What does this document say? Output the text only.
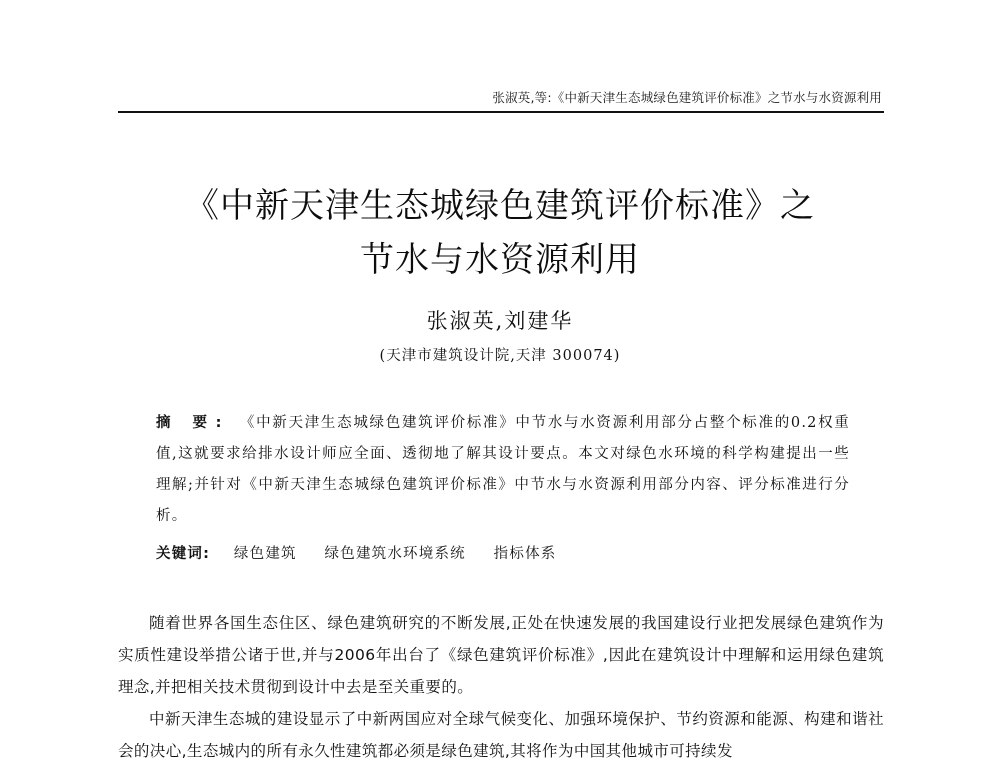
张淑英,等:《中新天津生态城绿色建筑评价标准》之节水与水资源利用
《中新天津生态城绿色建筑评价标准》之
节水与水资源利用
张淑英,刘建华
(天津市建筑设计院,天津 300074)
摘 要: 《中新天津生态城绿色建筑评价标准》中节水与水资源利用部分占整个标准的0.2权重值,这就要求给排水设计师应全面、透彻地了解其设计要点。本文对绿色水环境的科学构建提出一些理解;并针对《中新天津生态城绿色建筑评价标准》中节水与水资源利用部分内容、评分标准进行分析。
关键词: 绿色建筑 绿色建筑水环境系统 指标体系

随着世界各国生态住区、绿色建筑研究的不断发展,正处在快速发展的我国建设行业把发展绿色建筑作为实质性建设举措公诸于世,并与2006年出台了《绿色建筑评价标准》,因此在建筑设计中理解和运用绿色建筑理念,并把相关技术贯彻到设计中去是至关重要的。

中新天津生态城的建设显示了中新两国应对全球气候变化、加强环境保护、节约资源和能源、构建和谐社会的决心,生态城内的所有永久性建筑都必须是绿色建筑,其将作为中国其他城市可持续发
